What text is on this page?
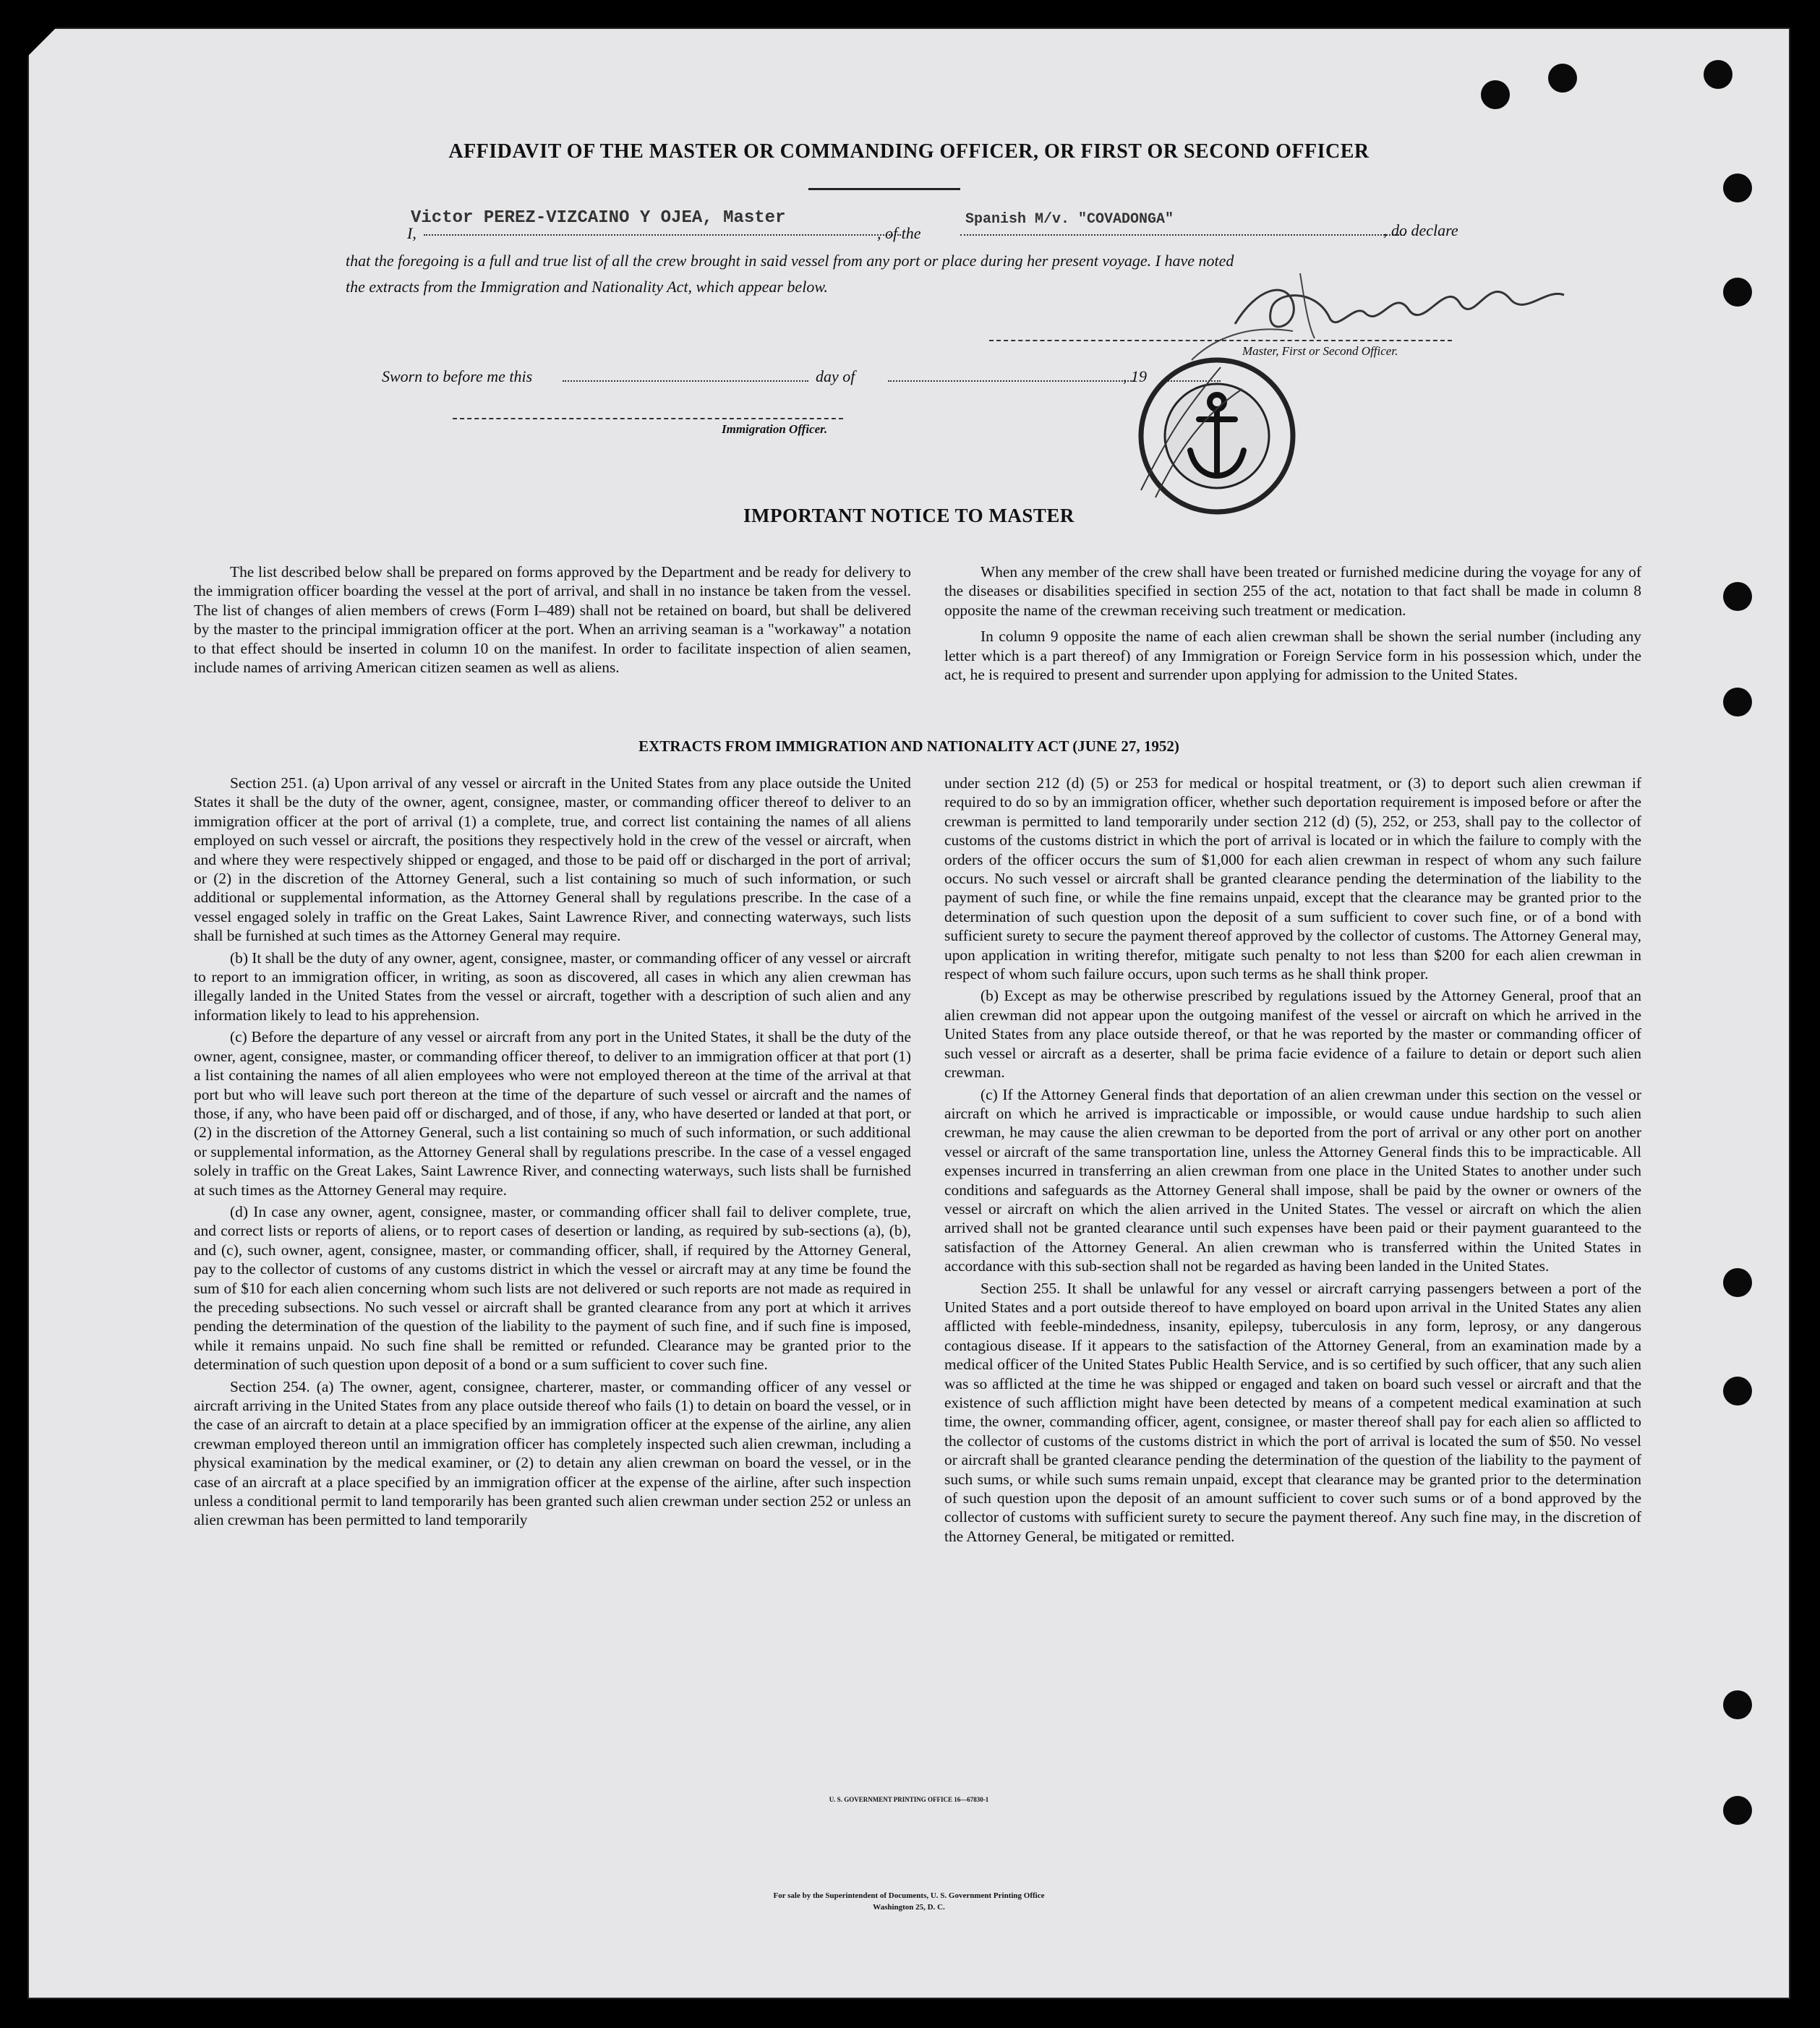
AFFIDAVIT OF THE MASTER OR COMMANDING OFFICER, OR FIRST OR SECOND OFFICER
I,
Victor PEREZ-VIZCAINO Y OJEA, Master
, of the
Spanish M/v. "COVADONGA"
, do declare
that the foregoing is a full and true list of all the crew brought in said vessel from any port or place during her present voyage. I have noted
the extracts from the Immigration and Nationality Act, which appear below.
Master, First or Second Officer.
Sworn to before me this	day of	, 19
Immigration Officer.
IMPORTANT NOTICE TO MASTER

The list described below shall be prepared on forms approved by the Department and be ready for delivery to the immigration officer boarding the vessel at the port of arrival, and shall in no instance be taken from the vessel. The list of changes of alien members of crews (Form I–489) shall not be retained on board, but shall be delivered by the master to the principal immigration officer at the port. When an arriving seaman is a "workaway" a notation to that effect should be inserted in column 10 on the manifest. In order to facilitate inspection of alien seamen, include names of arriving American citizen seamen as well as aliens.

When any member of the crew shall have been treated or furnished medicine during the voyage for any of the diseases or disabilities specified in section 255 of the act, notation to that fact shall be made in column 8 opposite the name of the crewman receiving such treatment or medication.

In column 9 opposite the name of each alien crewman shall be shown the serial number (including any letter which is a part thereof) of any Immigration or Foreign Service form in his possession which, under the act, he is required to present and surrender upon applying for admission to the United States.

EXTRACTS FROM IMMIGRATION AND NATIONALITY ACT (JUNE 27, 1952)

Section 251. (a) Upon arrival of any vessel or aircraft in the United States from any place outside the United States it shall be the duty of the owner, agent, consignee, master, or commanding officer thereof to deliver to an immigration officer at the port of arrival (1) a complete, true, and correct list containing the names of all aliens employed on such vessel or aircraft, the positions they respectively hold in the crew of the vessel or aircraft, when and where they were respectively shipped or engaged, and those to be paid off or discharged in the port of arrival; or (2) in the discretion of the Attorney General, such a list containing so much of such information, or such additional or supplemental information, as the Attorney General shall by regulations prescribe. In the case of a vessel engaged solely in traffic on the Great Lakes, Saint Lawrence River, and connecting waterways, such lists shall be furnished at such times as the Attorney General may require.

(b) It shall be the duty of any owner, agent, consignee, master, or commanding officer of any vessel or aircraft to report to an immigration officer, in writing, as soon as discovered, all cases in which any alien crewman has illegally landed in the United States from the vessel or aircraft, together with a description of such alien and any information likely to lead to his apprehension.

(c) Before the departure of any vessel or aircraft from any port in the United States, it shall be the duty of the owner, agent, consignee, master, or commanding officer thereof, to deliver to an immigration officer at that port (1) a list containing the names of all alien employees who were not employed thereon at the time of the arrival at that port but who will leave such port thereon at the time of the departure of such vessel or aircraft and the names of those, if any, who have been paid off or discharged, and of those, if any, who have deserted or landed at that port, or (2) in the discretion of the Attorney General, such a list containing so much of such information, or such additional or supplemental information, as the Attorney General shall by regulations prescribe. In the case of a vessel engaged solely in traffic on the Great Lakes, Saint Lawrence River, and connecting waterways, such lists shall be furnished at such times as the Attorney General may require.

(d) In case any owner, agent, consignee, master, or commanding officer shall fail to deliver complete, true, and correct lists or reports of aliens, or to report cases of desertion or landing, as required by sub-sections (a), (b), and (c), such owner, agent, consignee, master, or commanding officer, shall, if required by the Attorney General, pay to the collector of customs of any customs district in which the vessel or aircraft may at any time be found the sum of $10 for each alien concerning whom such lists are not delivered or such reports are not made as required in the preceding subsections. No such vessel or aircraft shall be granted clearance from any port at which it arrives pending the determination of the question of the liability to the payment of such fine, and if such fine is imposed, while it remains unpaid. No such fine shall be remitted or refunded. Clearance may be granted prior to the determination of such question upon deposit of a bond or a sum sufficient to cover such fine.

Section 254. (a) The owner, agent, consignee, charterer, master, or commanding officer of any vessel or aircraft arriving in the United States from any place outside thereof who fails (1) to detain on board the vessel, or in the case of an aircraft to detain at a place specified by an immigration officer at the expense of the airline, any alien crewman employed thereon until an immigration officer has completely inspected such alien crewman, including a physical examination by the medical examiner, or (2) to detain any alien crewman on board the vessel, or in the case of an aircraft at a place specified by an immigration officer at the expense of the airline, after such inspection unless a conditional permit to land temporarily has been granted such alien crewman under section 252 or unless an alien crewman has been permitted to land temporarily

under section 212 (d) (5) or 253 for medical or hospital treatment, or (3) to deport such alien crewman if required to do so by an immigration officer, whether such deportation requirement is imposed before or after the crewman is permitted to land temporarily under section 212 (d) (5), 252, or 253, shall pay to the collector of customs of the customs district in which the port of arrival is located or in which the failure to comply with the orders of the officer occurs the sum of $1,000 for each alien crewman in respect of whom any such failure occurs. No such vessel or aircraft shall be granted clearance pending the determination of the liability to the payment of such fine, or while the fine remains unpaid, except that the clearance may be granted prior to the determination of such question upon the deposit of a sum sufficient to cover such fine, or of a bond with sufficient surety to secure the payment thereof approved by the collector of customs. The Attorney General may, upon application in writing therefor, mitigate such penalty to not less than $200 for each alien crewman in respect of whom such failure occurs, upon such terms as he shall think proper.

(b) Except as may be otherwise prescribed by regulations issued by the Attorney General, proof that an alien crewman did not appear upon the outgoing manifest of the vessel or aircraft on which he arrived in the United States from any place outside thereof, or that he was reported by the master or commanding officer of such vessel or aircraft as a deserter, shall be prima facie evidence of a failure to detain or deport such alien crewman.

(c) If the Attorney General finds that deportation of an alien crewman under this section on the vessel or aircraft on which he arrived is impracticable or impossible, or would cause undue hardship to such alien crewman, he may cause the alien crewman to be deported from the port of arrival or any other port on another vessel or aircraft of the same transportation line, unless the Attorney General finds this to be impracticable. All expenses incurred in transferring an alien crewman from one place in the United States to another under such conditions and safeguards as the Attorney General shall impose, shall be paid by the owner or owners of the vessel or aircraft on which the alien arrived in the United States. The vessel or aircraft on which the alien arrived shall not be granted clearance until such expenses have been paid or their payment guaranteed to the satisfaction of the Attorney General. An alien crewman who is transferred within the United States in accordance with this sub-section shall not be regarded as having been landed in the United States.

Section 255. It shall be unlawful for any vessel or aircraft carrying passengers between a port of the United States and a port outside thereof to have employed on board upon arrival in the United States any alien afflicted with feeble-mindedness, insanity, epilepsy, tuberculosis in any form, leprosy, or any dangerous contagious disease. If it appears to the satisfaction of the Attorney General, from an examination made by a medical officer of the United States Public Health Service, and is so certified by such officer, that any such alien was so afflicted at the time he was shipped or engaged and taken on board such vessel or aircraft and that the existence of such affliction might have been detected by means of a competent medical examination at such time, the owner, commanding officer, agent, consignee, or master thereof shall pay for each alien so afflicted to the collector of customs of the customs district in which the port of arrival is located the sum of $50. No vessel or aircraft shall be granted clearance pending the determination of the question of the liability to the payment of such sums, or while such sums remain unpaid, except that clearance may be granted prior to the determination of such question upon the deposit of an amount sufficient to cover such sums or of a bond approved by the collector of customs with sufficient surety to secure the payment thereof. Any such fine may, in the discretion of the Attorney General, be mitigated or remitted.

U. S. GOVERNMENT PRINTING OFFICE 16—67830-1
For sale by the Superintendent of Documents, U. S. Government Printing Office
Washington 25, D. C.
